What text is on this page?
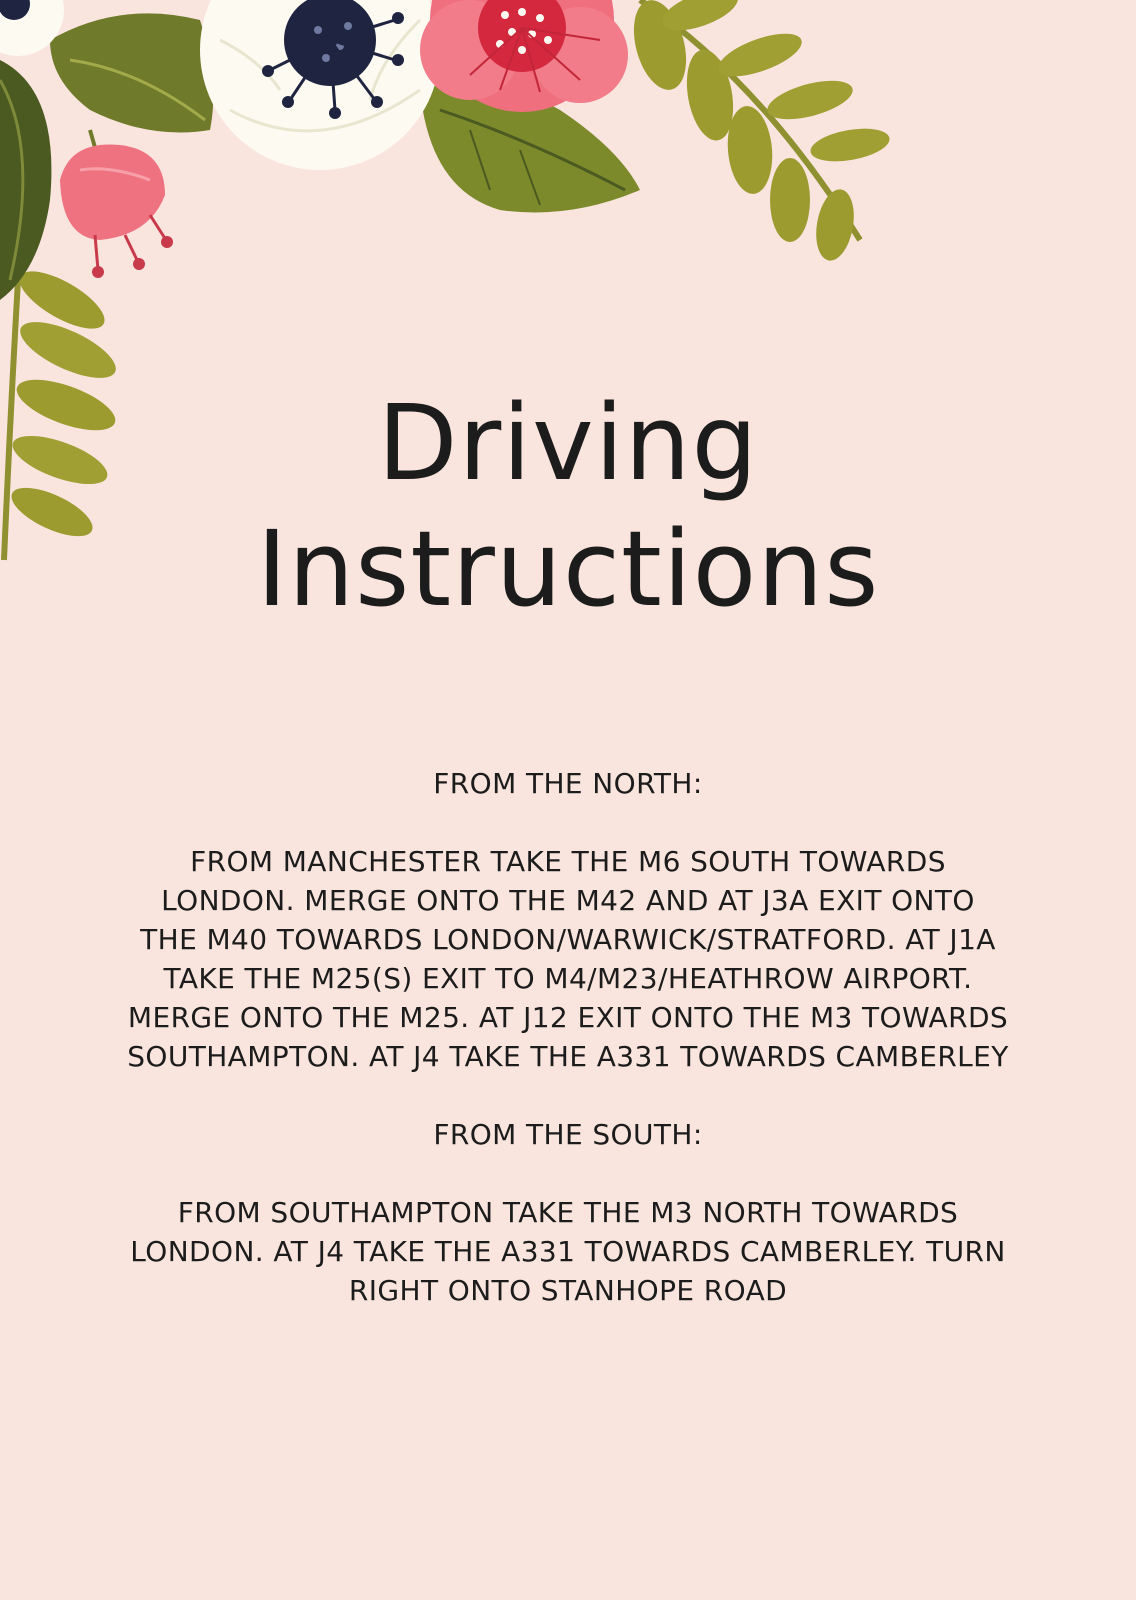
Driving
Instructions
FROM THE NORTH:
FROM MANCHESTER TAKE THE M6 SOUTH TOWARDS
LONDON. MERGE ONTO THE M42 AND AT J3A EXIT ONTO
THE M40 TOWARDS LONDON/WARWICK/STRATFORD. AT J1A
TAKE THE M25(S) EXIT TO M4/M23/HEATHROW AIRPORT.
MERGE ONTO THE M25. AT J12 EXIT ONTO THE M3 TOWARDS
SOUTHAMPTON. AT J4 TAKE THE A331 TOWARDS CAMBERLEY
FROM THE SOUTH:
FROM SOUTHAMPTON TAKE THE M3 NORTH TOWARDS
LONDON. AT J4 TAKE THE A331 TOWARDS CAMBERLEY. TURN
RIGHT ONTO STANHOPE ROAD
